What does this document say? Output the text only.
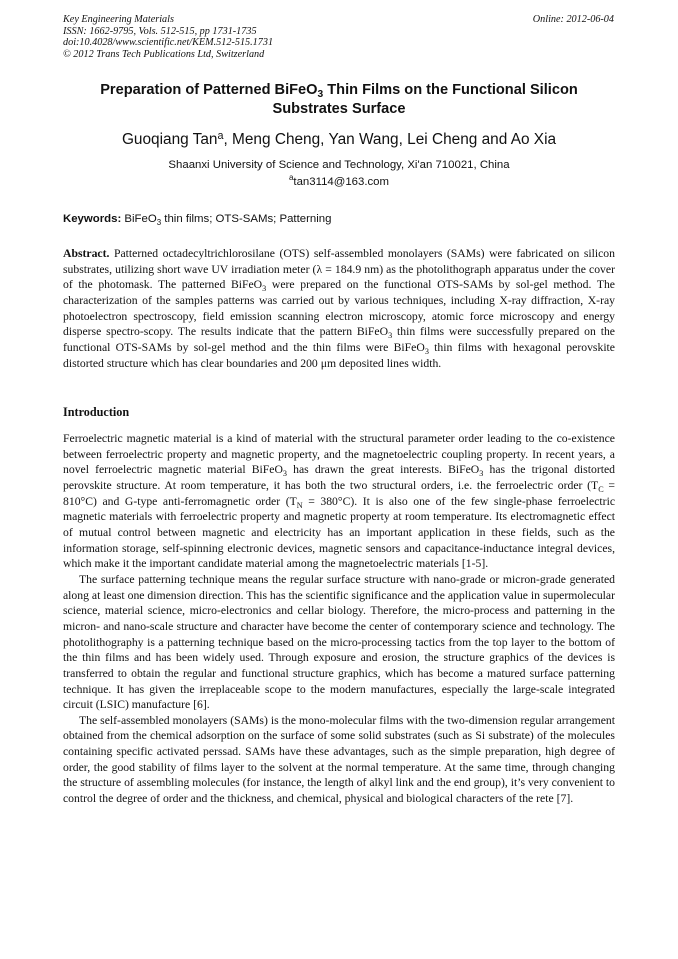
Key Engineering Materials
ISSN: 1662-9795, Vols. 512-515, pp 1731-1735
doi:10.4028/www.scientific.net/KEM.512-515.1731
© 2012 Trans Tech Publications Ltd, Switzerland
Online: 2012-06-04
Preparation of Patterned BiFeO$_3$ Thin Films on the Functional Silicon Substrates Surface
Guoqiang Tan$^a$, Meng Cheng, Yan Wang, Lei Cheng and Ao Xia
Shaanxi University of Science and Technology, Xi'an 710021, China
$^a$tan3114@163.com
Keywords: BiFeO$_3$ thin films; OTS-SAMs; Patterning
Abstract. Patterned octadecyltrichlorosilane (OTS) self-assembled monolayers (SAMs) were fabricated on silicon substrates, utilizing short wave UV irradiation meter (λ = 184.9 nm) as the photolithograph apparatus under the cover of the photomask. The patterned BiFeO$_3$ were prepared on the functional OTS-SAMs by sol-gel method. The characterization of the samples patterns was carried out by various techniques, including X-ray diffraction, X-ray photoelectron spectroscopy, field emission scanning electron microscopy, atomic force microscopy and energy disperse spectro-scopy. The results indicate that the pattern BiFeO$_3$ thin films were successfully prepared on the functional OTS-SAMs by sol-gel method and the thin films were BiFeO$_3$ thin films with hexagonal perovskite distorted structure which has clear boundaries and 200 μm deposited lines width.
Introduction

Ferroelectric magnetic material is a kind of material with the structural parameter order leading to the co-existence between ferroelectric property and magnetic property, and the magnetoelectric coupling property. In recent years, a novel ferroelectric magnetic material BiFeO$_3$ has drawn the great interests. BiFeO$_3$ has the trigonal distorted perovskite structure. At room temperature, it has both the two structural orders, i.e. the ferroelectric order $(T_C = 810^\circ C)$ and G-type anti-ferromagnetic order $(T_N = 380^\circ C)$. It is also one of the few single-phase ferroelectric magnetic materials with ferroelectric property and magnetic property at room temperature. Its electromagnetic effect of mutual control between magnetic and electricity has an important application in these fields, such as the information storage, self-spinning electronic devices, magnetic sensors and capacitance-inductance integral devices, which make it the important candidate material among the magnetoelectric materials [1-5].

The surface patterning technique means the regular surface structure with nano-grade or micron-grade generated along at least one dimension direction. This has the scientific significance and the application value in supermolecular science, material science, micro-electronics and cellar biology. Therefore, the micro-process and patterning in the micron- and nano-scale structure and character have become the center of contemporary science and technology. The photolithography is a patterning technique based on the micro-processing tactics from the top layer to the bottom of the thin films and has been widely used. Through exposure and erosion, the structure graphics of the devices is transferred to obtain the regular and functional structure graphics, which has become a matured surface patterning technique. It has given the irreplaceable scope to the modern manufactures, especially the large-scale integrated circuit (LSIC) manufacture [6].

The self-assembled monolayers (SAMs) is the mono-molecular films with the two-dimension regular arrangement obtained from the chemical adsorption on the surface of some solid substrates (such as Si substrate) of the molecules containing specific activated perssad. SAMs have these advantages, such as the simple preparation, high degree of order, the good stability of films layer to the solvent at the normal temperature. At the same time, through changing the structure of assembling molecules (for instance, the length of alkyl link and the end group), it’s very convenient to control the degree of order and the thickness, and chemical, physical and biological characters of the rete [7].
